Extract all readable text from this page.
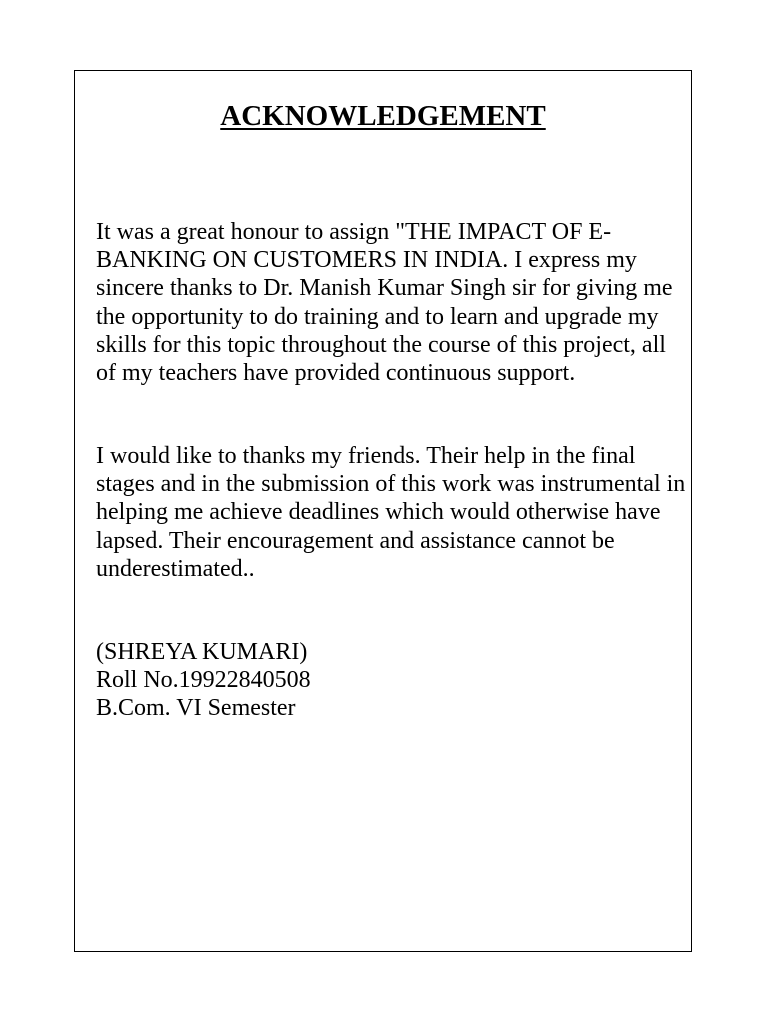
ACKNOWLEDGEMENT

It was a great honour to assign "THE IMPACT OF E-BANKING ON CUSTOMERS IN INDIA. I express my sincere thanks to Dr. Manish Kumar Singh sir for giving me the opportunity to do training and to learn and upgrade my skills for this topic throughout the course of this project, all of my teachers have provided continuous support.

I would like to thanks my friends. Their help in the final stages and in the submission of this work was instrumental in helping me achieve deadlines which would otherwise have lapsed. Their encouragement and assistance cannot be underestimated..

(SHREYA KUMARI)
Roll No.19922840508
B.Com. VI Semester
